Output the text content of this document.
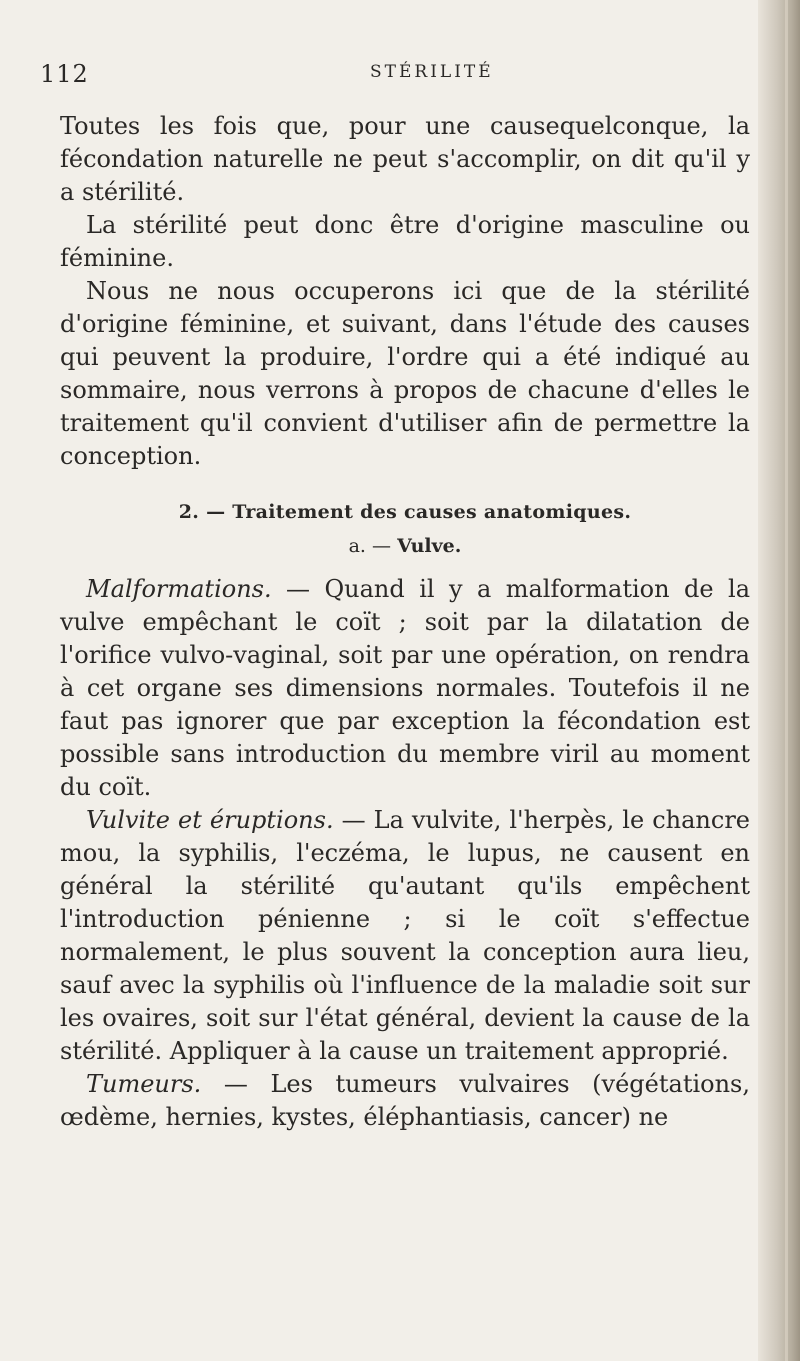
112	STÉRILITÉ

Toutes les fois que, pour une causequelconque, la fécondation naturelle ne peut s'accomplir, on dit qu'il y a stérilité.

La stérilité peut donc être d'origine masculine ou féminine.

Nous ne nous occuperons ici que de la stérilité d'origine féminine, et suivant, dans l'étude des causes qui peuvent la produire, l'ordre qui a été indiqué au sommaire, nous verrons à propos de chacune d'elles le traitement qu'il convient d'utiliser afin de permettre la conception.

2. — Traitement des causes anatomiques.
a. — Vulve.

Malformations. — Quand il y a malformation de la vulve empêchant le coït ; soit par la dilatation de l'orifice vulvo-vaginal, soit par une opération, on rendra à cet organe ses dimensions normales. Toutefois il ne faut pas ignorer que par exception la fécondation est possible sans introduction du membre viril au moment du coït.

Vulvite et éruptions. — La vulvite, l'herpès, le chancre mou, la syphilis, l'eczéma, le lupus, ne causent en général la stérilité qu'autant qu'ils empêchent l'introduction pénienne ; si le coït s'effectue normalement, le plus souvent la conception aura lieu, sauf avec la syphilis où l'influence de la maladie soit sur les ovaires, soit sur l'état général, devient la cause de la stérilité. Appliquer à la cause un traitement approprié.

Tumeurs. — Les tumeurs vulvaires (végétations, œdème, hernies, kystes, éléphantiasis, cancer) ne
